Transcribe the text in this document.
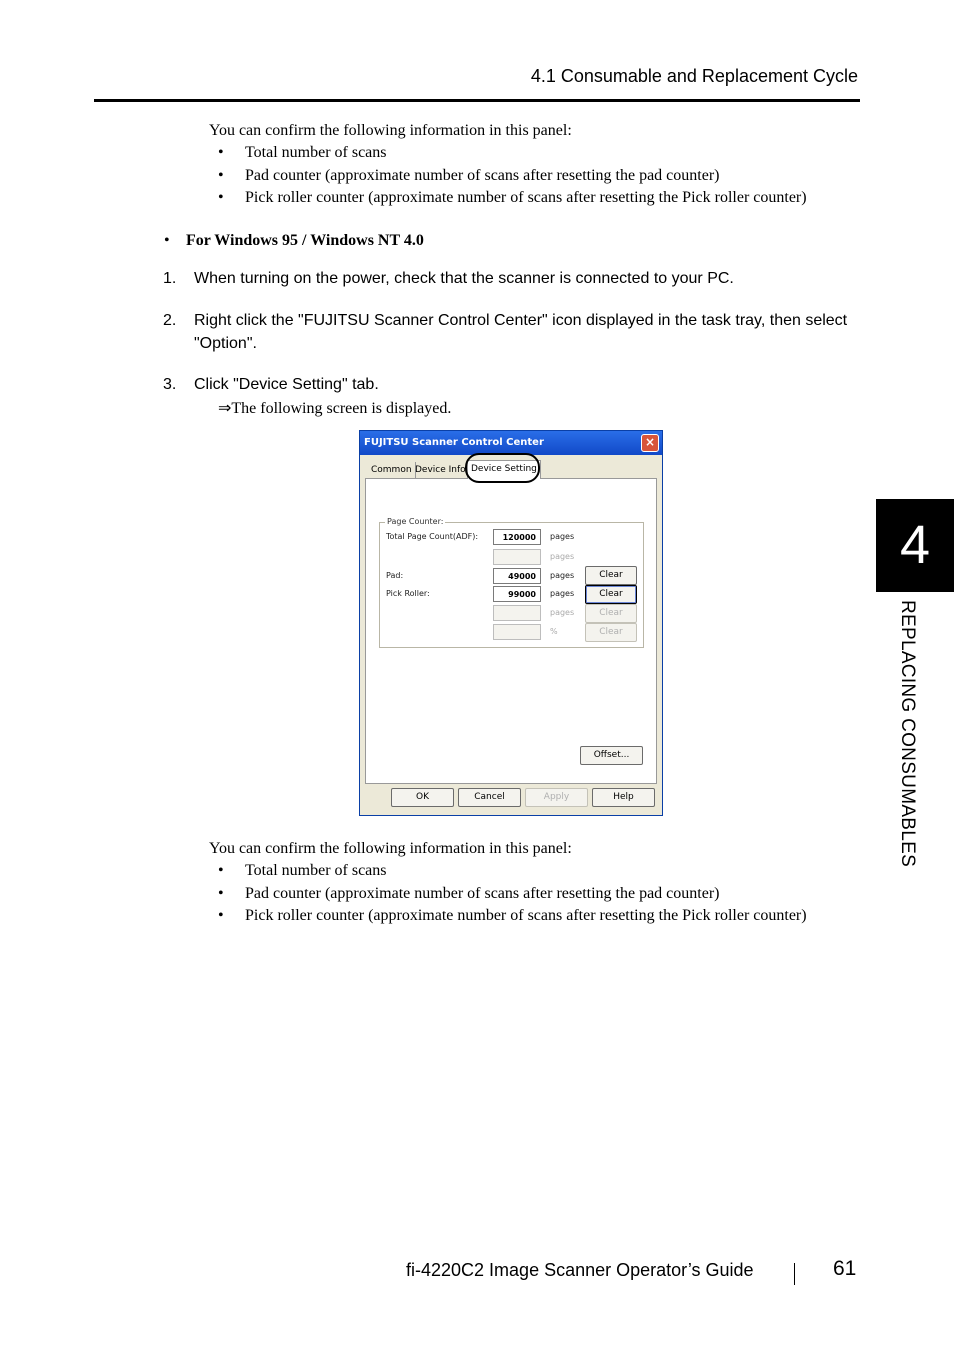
4.1 Consumable and Replacement Cycle
You can confirm the following information in this panel:
• Total number of scans
• Pad counter (approximate number of scans after resetting the pad counter)
• Pick roller counter (approximate number of scans after resetting the Pick roller counter)
• For Windows 95 / Windows NT 4.0
1. When turning on the power, check that the scanner is connected to your PC.
2. Right click the "FUJITSU Scanner Control Center" icon displayed in the task tray, then select "Option".
3. Click "Device Setting" tab.
⇒The following screen is displayed.
FUJITSU Scanner Control Center	×
Common Device Info
Page Counter:
Total Page Count(ADF):	120000	pages
pages
Pad:	49000	pages	Clear
Pick Roller:	99000	pages	Clear
pages	Clear
%	Clear
Offset...
Device Setting
OK	Cancel	Apply	Help
You can confirm the following information in this panel:
• Total number of scans
• Pad counter (approximate number of scans after resetting the pad counter)
• Pick roller counter (approximate number of scans after resetting the Pick roller counter)
4
REPLACING CONSUMABLES
fi-4220C2 Image Scanner Operator’s Guide	61
